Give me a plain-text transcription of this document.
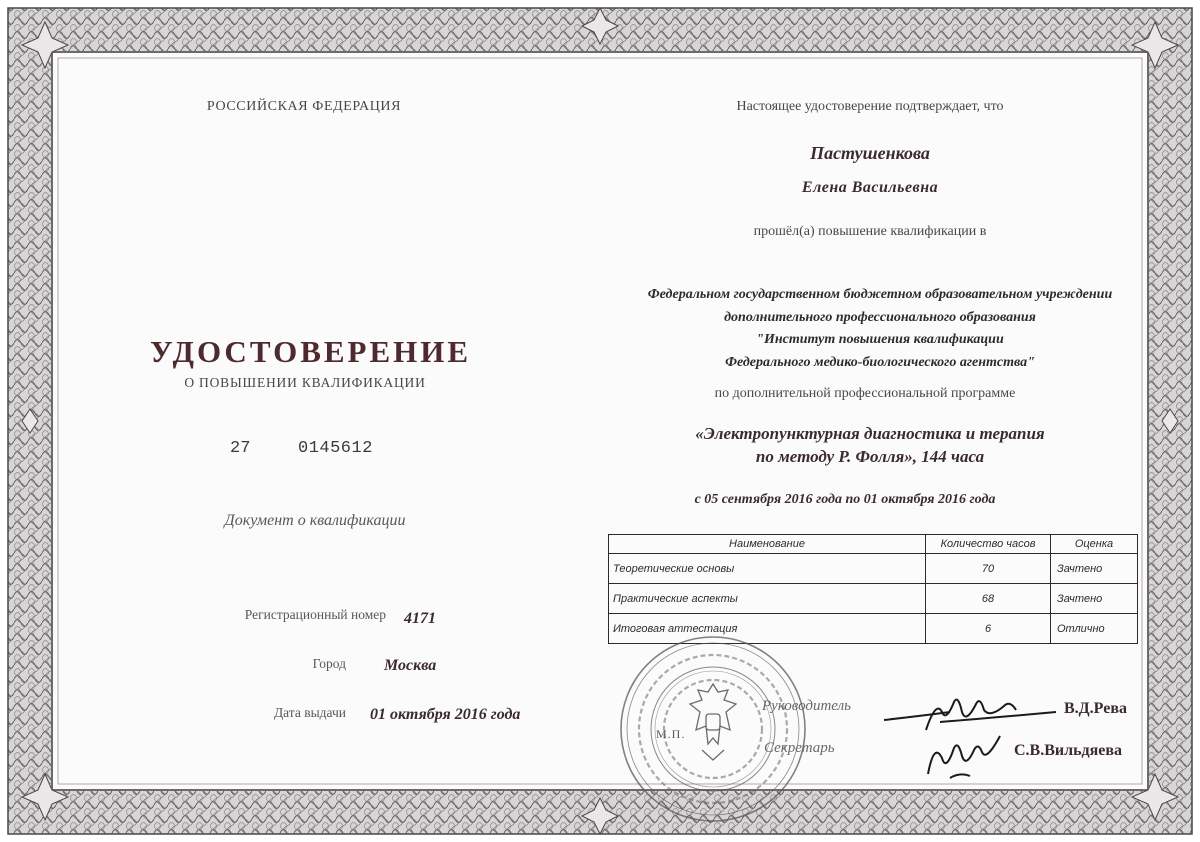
РОССИЙСКАЯ ФЕДЕРАЦИЯ
УДОСТОВЕРЕНИЕ
О ПОВЫШЕНИИ КВАЛИФИКАЦИИ
27	0145612
Документ о квалификации
Регистрационный номер 4171
Город Москва
Дата выдачи 01 октября 2016 года
Настоящее удостоверение подтверждает, что
Пастушенкова
Елена Васильевна
прошёл(а) повышение квалификации в
Федеральном государственном бюджетном образовательном учреждении
дополнительного профессионального образования
"Институт повышения квалификации
Федерального медико-биологического агентства"
по дополнительной профессиональной программе
«Электропунктурная диагностика и терапия
по методу Р. Фолля», 144 часа
с 05 сентября 2016 года по 01 октября 2016 года
Наименование	Количество часов	Оценка
Теоретические основы	70	Зачтено
Практические аспекты	68	Зачтено
Итоговая аттестация	6	Отлично
М.П.
Руководитель	В.Д.Рева
Секретарь	С.В.Вильдяева
